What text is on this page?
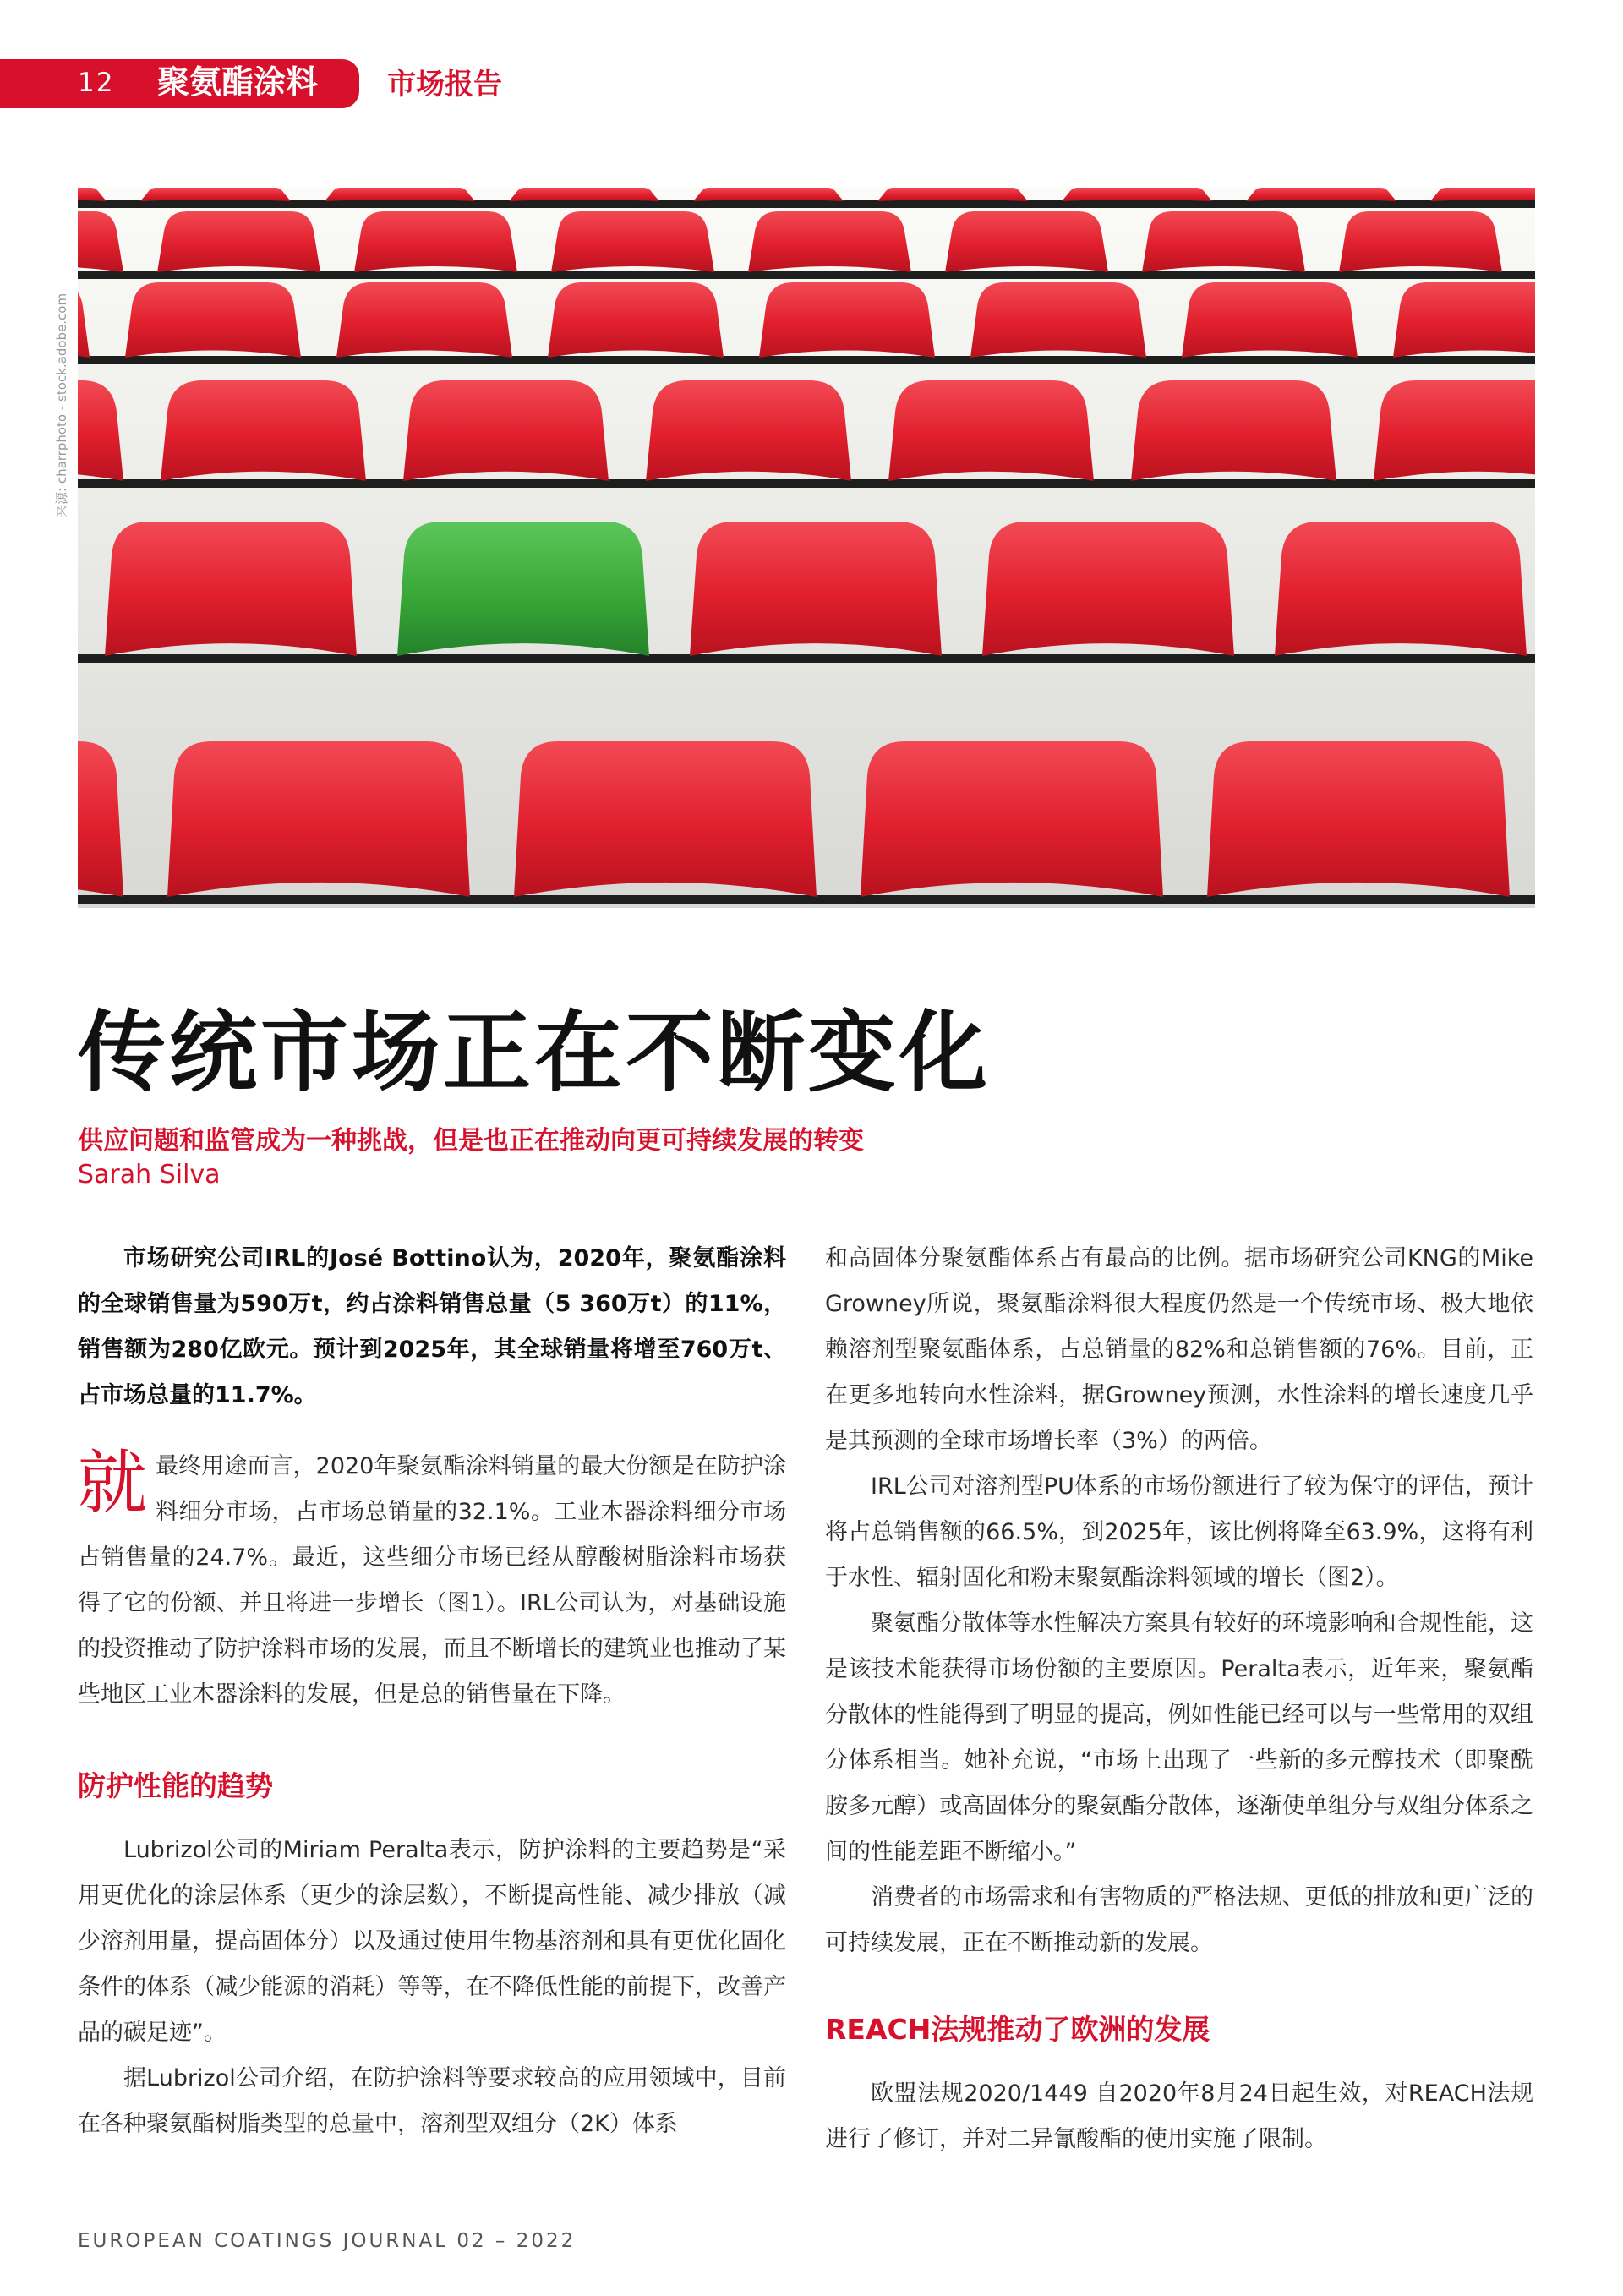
12 聚氨酯涂料 市场报告
来源: charrphoto - stock.adobe.com
传统市场正在不断变化
供应问题和监管成为一种挑战，但是也正在推动向更可持续发展的转变
Sarah Silva

市场研究公司IRL的José Bottino认为，2020年，聚氨酯涂料的全球销售量为590万t，约占涂料销售总量（5 360万t）的11%，销售额为280亿欧元。预计到2025年，其全球销量将增至760万t、占市场总量的11.7%。

就最终用途而言，2020年聚氨酯涂料销量的最大份额是在防护涂料细分市场，占市场总销量的32.1%。工业木器涂料细分市场占销售量的24.7%。最近，这些细分市场已经从醇酸树脂涂料市场获得了它的份额、并且将进一步增长（图1）。IRL公司认为，对基础设施的投资推动了防护涂料市场的发展，而且不断增长的建筑业也推动了某些地区工业木器涂料的发展，但是总的销售量在下降。

防护性能的趋势

Lubrizol公司的Miriam Peralta表示，防护涂料的主要趋势是“采用更优化的涂层体系（更少的涂层数），不断提高性能、减少排放（减少溶剂用量，提高固体分）以及通过使用生物基溶剂和具有更优化固化条件的体系（减少能源的消耗）等等，在不降低性能的前提下，改善产品的碳足迹”。

据Lubrizol公司介绍，在防护涂料等要求较高的应用领域中，目前在各种聚氨酯树脂类型的总量中，溶剂型双组分（2K）体系

和高固体分聚氨酯体系占有最高的比例。据市场研究公司KNG的Mike Growney所说，聚氨酯涂料很大程度仍然是一个传统市场、极大地依赖溶剂型聚氨酯体系，占总销量的82%和总销售额的76%。目前，正在更多地转向水性涂料，据Growney预测，水性涂料的增长速度几乎是其预测的全球市场增长率（3%）的两倍。

IRL公司对溶剂型PU体系的市场份额进行了较为保守的评估，预计将占总销售额的66.5%，到2025年，该比例将降至63.9%，这将有利于水性、辐射固化和粉末聚氨酯涂料领域的增长（图2）。

聚氨酯分散体等水性解决方案具有较好的环境影响和合规性能，这是该技术能获得市场份额的主要原因。Peralta表示，近年来，聚氨酯分散体的性能得到了明显的提高，例如性能已经可以与一些常用的双组分体系相当。她补充说，“市场上出现了一些新的多元醇技术（即聚酰胺多元醇）或高固体分的聚氨酯分散体，逐渐使单组分与双组分体系之间的性能差距不断缩小。”

消费者的市场需求和有害物质的严格法规、更低的排放和更广泛的可持续发展，正在不断推动新的发展。

REACH法规推动了欧洲的发展

欧盟法规2020/1449 自2020年8月24日起生效，对REACH法规进行了修订，并对二异氰酸酯的使用实施了限制。

EUROPEAN COATINGS JOURNAL 02 – 2022
